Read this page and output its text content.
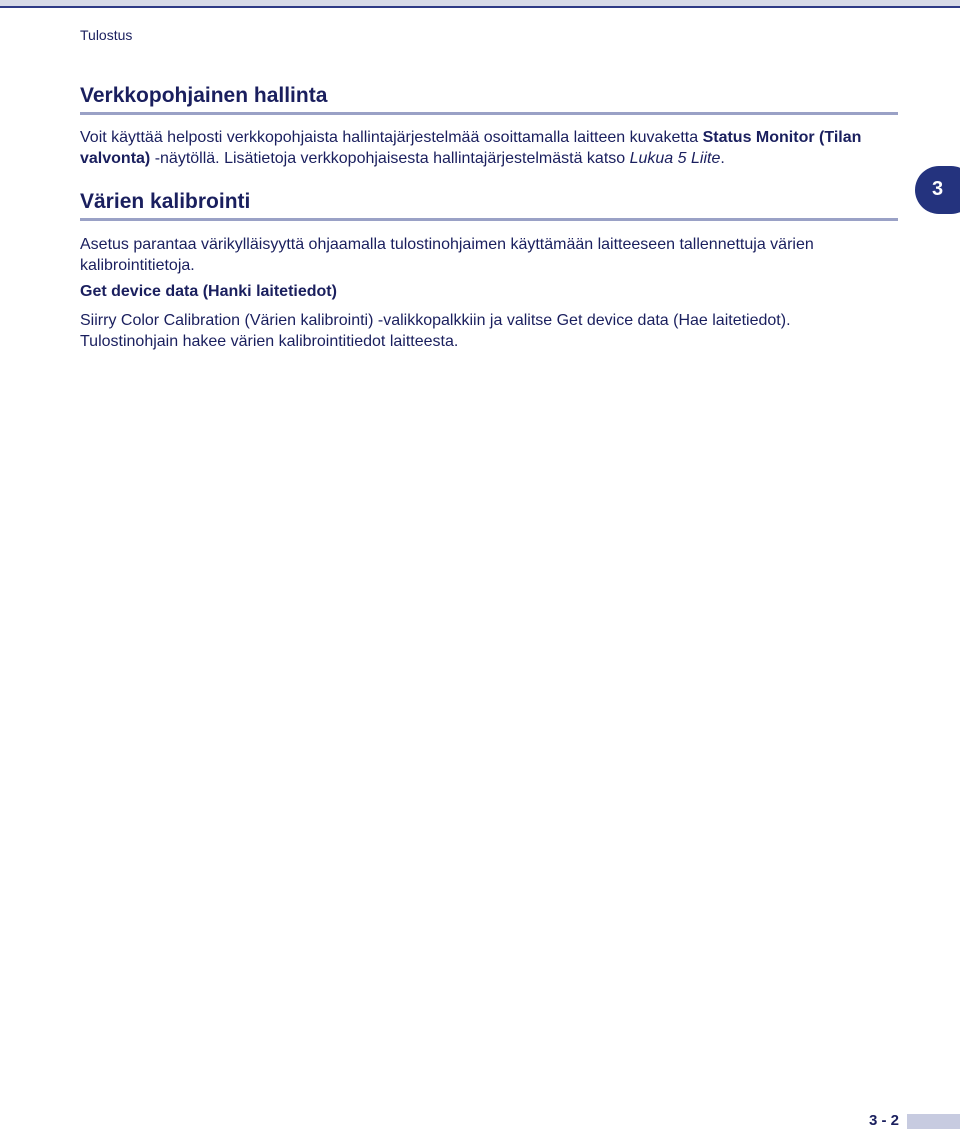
Tulostus
Verkkopohjainen hallinta

Voit käyttää helposti verkkopohjaista hallintajärjestelmää osoittamalla laitteen kuvaketta Status Monitor (Tilan valvonta) -näytöllä. Lisätietoja verkkopohjaisesta hallintajärjestelmästä katso Lukua 5 Liite.

Värien kalibrointi
3

Asetus parantaa värikylläisyyttä ohjaamalla tulostinohjaimen käyttämään laitteeseen tallennettuja värien kalibrointitietoja.

Get device data (Hanki laitetiedot)

Siirry Color Calibration (Värien kalibrointi) -valikkopalkkiin ja valitse Get device data (Hae laitetiedot). Tulostinohjain hakee värien kalibrointitiedot laitteesta.

3 - 2
